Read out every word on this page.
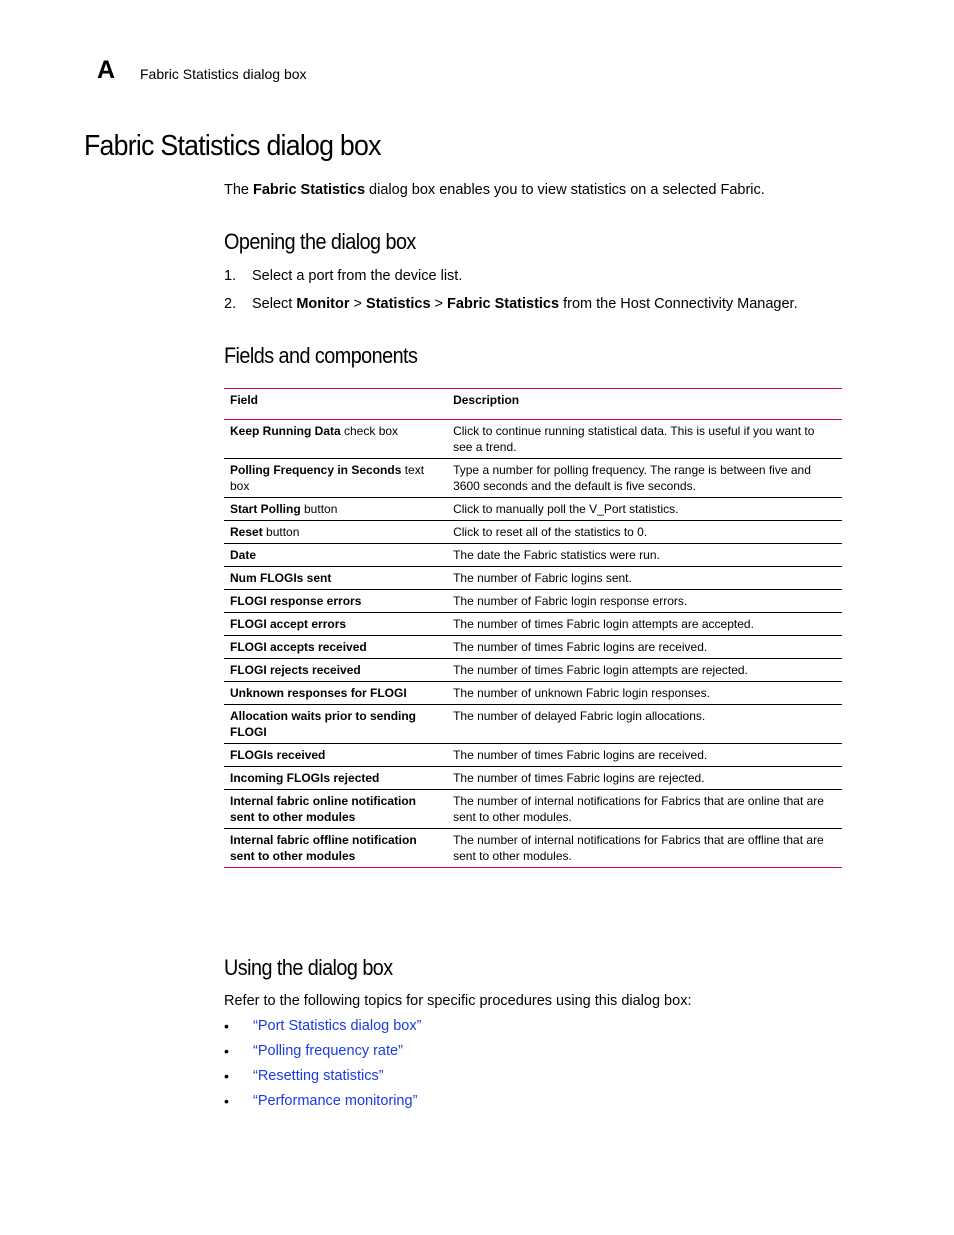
A Fabric Statistics dialog box
Fabric Statistics dialog box

The Fabric Statistics dialog box enables you to view statistics on a selected Fabric.

Opening the dialog box
1.	Select a port from the device list.
2.	Select Monitor > Statistics > Fabric Statistics from the Host Connectivity Manager.
Fields and components
Field	Description
Keep Running Data check box	Click to continue running statistical data. This is useful if you want to see a trend.
Polling Frequency in Seconds text box	Type a number for polling frequency. The range is between five and 3600 seconds and the default is five seconds.
Start Polling button	Click to manually poll the V_Port statistics.
Reset button	Click to reset all of the statistics to 0.
Date	The date the Fabric statistics were run.
Num FLOGIs sent	The number of Fabric logins sent.
FLOGI response errors	The number of Fabric login response errors.
FLOGI accept errors	The number of times Fabric login attempts are accepted.
FLOGI accepts received	The number of times Fabric logins are received.
FLOGI rejects received	The number of times Fabric login attempts are rejected.
Unknown responses for FLOGI	The number of unknown Fabric login responses.
Allocation waits prior to sending FLOGI	The number of delayed Fabric login allocations.
FLOGIs received	The number of times Fabric logins are received.
Incoming FLOGIs rejected	The number of times Fabric logins are rejected.
Internal fabric online notification sent to other modules	The number of internal notifications for Fabrics that are online that are sent to other modules.
Internal fabric offline notification sent to other modules	The number of internal notifications for Fabrics that are offline that are sent to other modules.
Using the dialog box

Refer to the following topics for specific procedures using this dialog box:

•	“Port Statistics dialog box”
•	“Polling frequency rate”
•	“Resetting statistics”
•	“Performance monitoring”
